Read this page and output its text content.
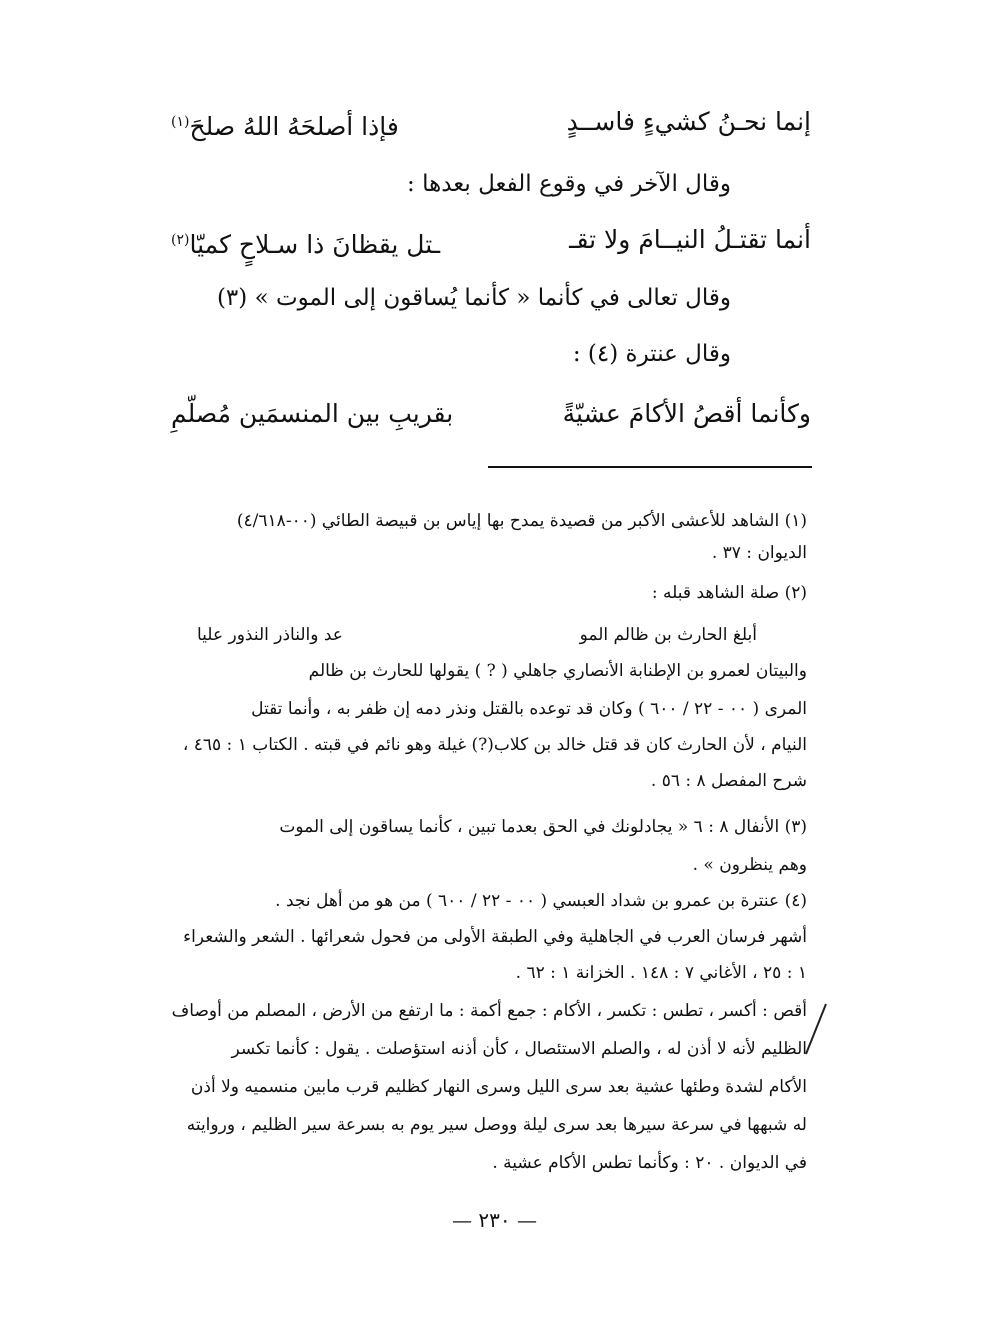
إنما نحـنُ كشيءٍ فاســدٍ
فإذا أصلحَهُ اللهُ صلحَ$^{(١)}$
وقال الآخر في وقوع الفعل بعدها :
أنما تقتـلُ النيــامَ ولا تقـ
ـتل يقظانَ ذا سـلاحٍ كميّا$^{(٢)}$
وقال تعالى في كأنما « كأنما يُساقون إلى الموت » (٣)
وقال عنترة (٤) :
وكأنما أقصُ الأكامَ عشيّةً
بقريبِ بين المنسمَين مُصلّمِ
(١) الشاهد للأعشى الأكبر من قصيدة يمدح بها إياس بن قبيصة الطائي (٠٠-٤/٦١٨)
الديوان : ٣٧ .
(٢) صلة الشاهد قبله :
أبلغ الحارث بن ظالم المو
عد والناذر النذور عليا
والبيتان لعمرو بن الإطنابة الأنصاري جاهلي ( ? ) يقولها للحارث بن ظالم
المرى ( ٠٠ - ٢٢ / ٦٠٠ ) وكان قد توعده بالقتل ونذر دمه إن ظفر به ، وأنما تقتل
النيام ، لأن الحارث كان قد قتل خالد بن كلاب(?) غيلة وهو نائم في قبته . الكتاب ١ : ٤٦٥ ،
شرح المفصل ٨ : ٥٦ .
(٣) الأنفال ٨ : ٦ « يجادلونك في الحق بعدما تبين ، كأنما يساقون إلى الموت
وهم ينظرون » .
(٤) عنترة بن عمرو بن شداد العبسي ( ٠٠ - ٢٢ / ٦٠٠ ) من هو من أهل نجد .
أشهر فرسان العرب في الجاهلية وفي الطبقة الأولى من فحول شعرائها . الشعر والشعراء
١ : ٢٥ ، الأغاني ٧ : ١٤٨ . الخزانة ١ : ٦٢ .
أقص : أكسر ، تطس : تكسر ، الأكام : جمع أكمة : ما ارتفع من الأرض ، المصلم من أوصاف
الظليم لأنه لا أذن له ، والصلم الاستئصال ، كأن أذنه استؤصلت . يقول : كأنما تكسر
الأكام لشدة وطئها عشية بعد سرى الليل وسرى النهار كظليم قرب مابين منسميه ولا أذن
له شبهها في سرعة سيرها بعد سرى ليلة ووصل سير يوم به بسرعة سير الظليم ، وروايته
في الديوان . ٢٠ : وكأنما تطس الأكام عشية .
— ٢٣٠ —
